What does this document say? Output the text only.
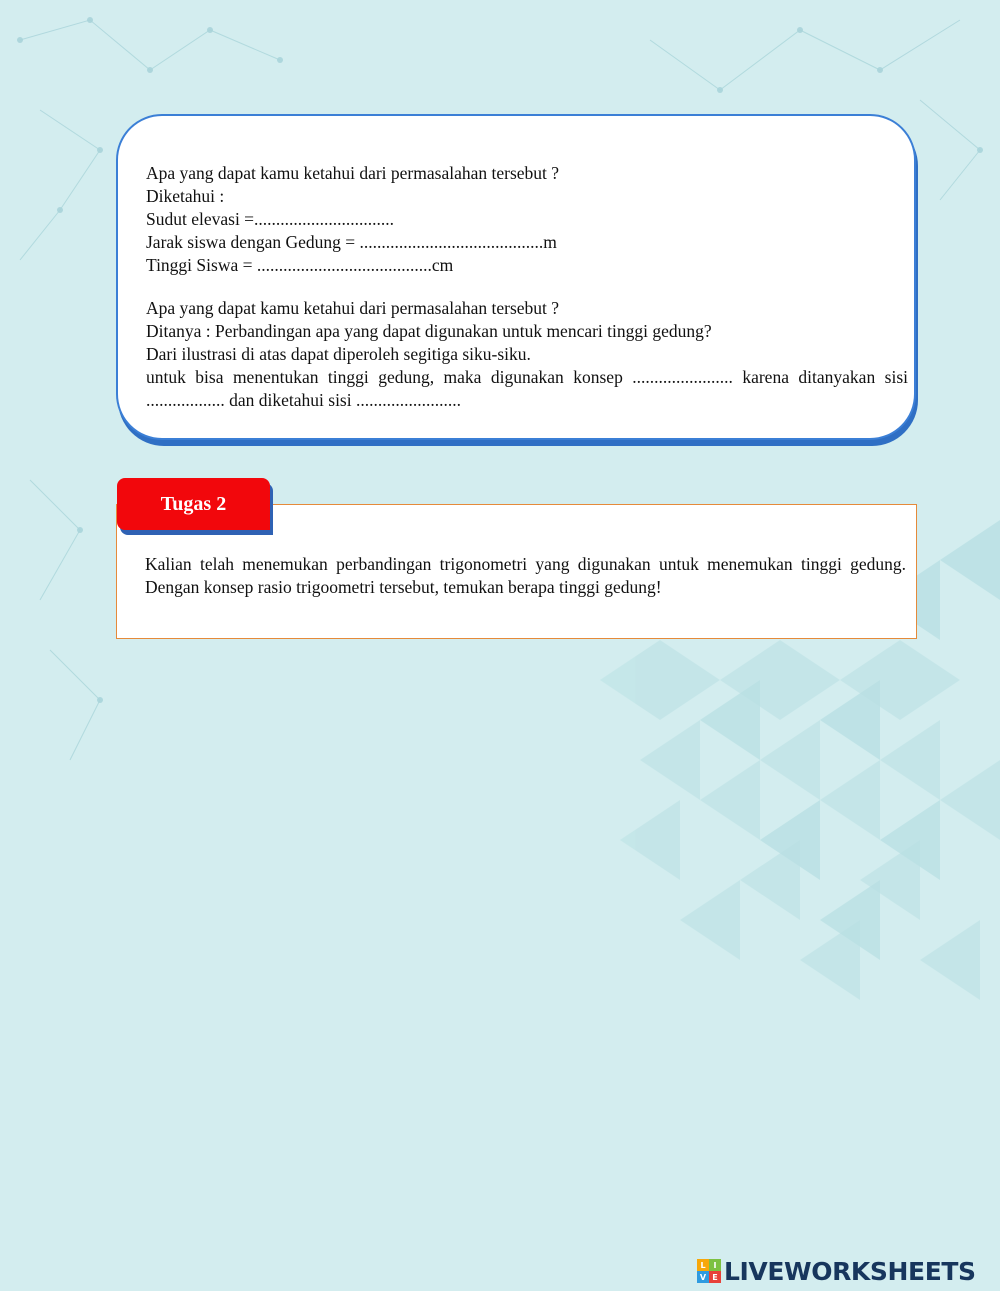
Apa yang dapat kamu ketahui dari permasalahan tersebut ?
Diketahui :
Sudut elevasi =................................
Jarak siswa dengan Gedung = ..........................................m
Tinggi Siswa = ........................................cm
Apa yang dapat kamu ketahui dari permasalahan tersebut ?
Ditanya : Perbandingan apa yang dapat digunakan untuk mencari tinggi gedung?
Dari ilustrasi di atas dapat diperoleh segitiga siku-siku.
untuk bisa menentukan tinggi gedung, maka digunakan konsep ....................... karena ditanyakan sisi .................. dan diketahui sisi ........................
Tugas 2
Kalian telah menemukan perbandingan trigonometri yang digunakan untuk menemukan tinggi gedung. Dengan konsep rasio trigoometri tersebut, temukan berapa tinggi gedung!
L I
V E LIVEWORKSHEETS
